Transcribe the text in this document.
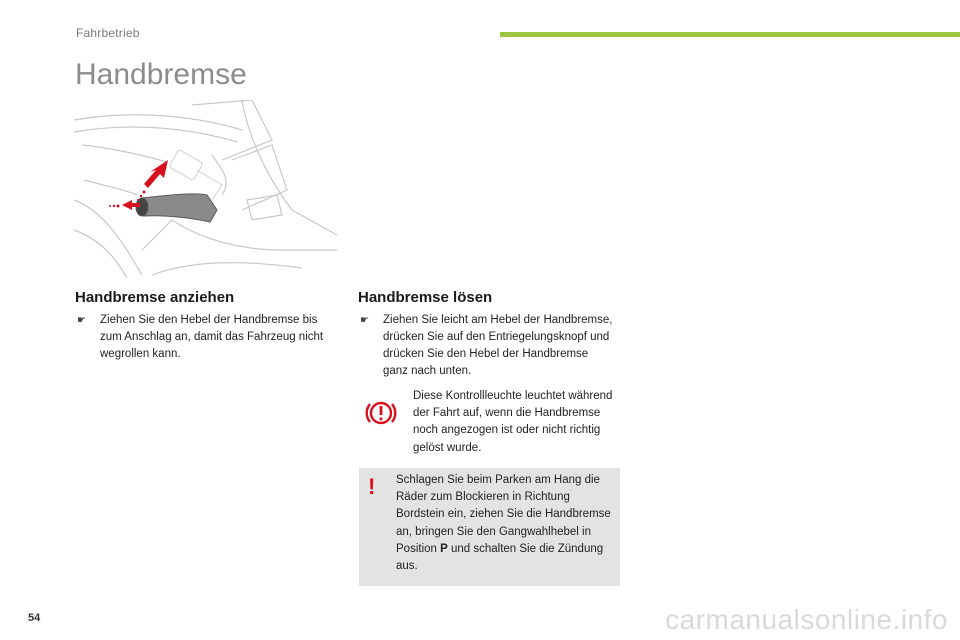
Fahrbetrieb
Handbremse
Handbremse anziehen
☛	Ziehen Sie den Hebel der Handbremse bis zum Anschlag an, damit das Fahrzeug nicht wegrollen kann.
Handbremse lösen
☛	Ziehen Sie leicht am Hebel der Handbremse, drücken Sie auf den Entriegelungsknopf und drücken Sie den Hebel der Handbremse ganz nach unten.
Diese Kontrollleuchte leuchtet während der Fahrt auf, wenn die Handbremse noch angezogen ist oder nicht richtig gelöst wurde.
! Schlagen Sie beim Parken am Hang die Räder zum Blockieren in Richtung Bordstein ein, ziehen Sie die Handbremse an, bringen Sie den Gangwahlhebel in Position P und schalten Sie die Zündung aus.
54	carmanualsonline.info
